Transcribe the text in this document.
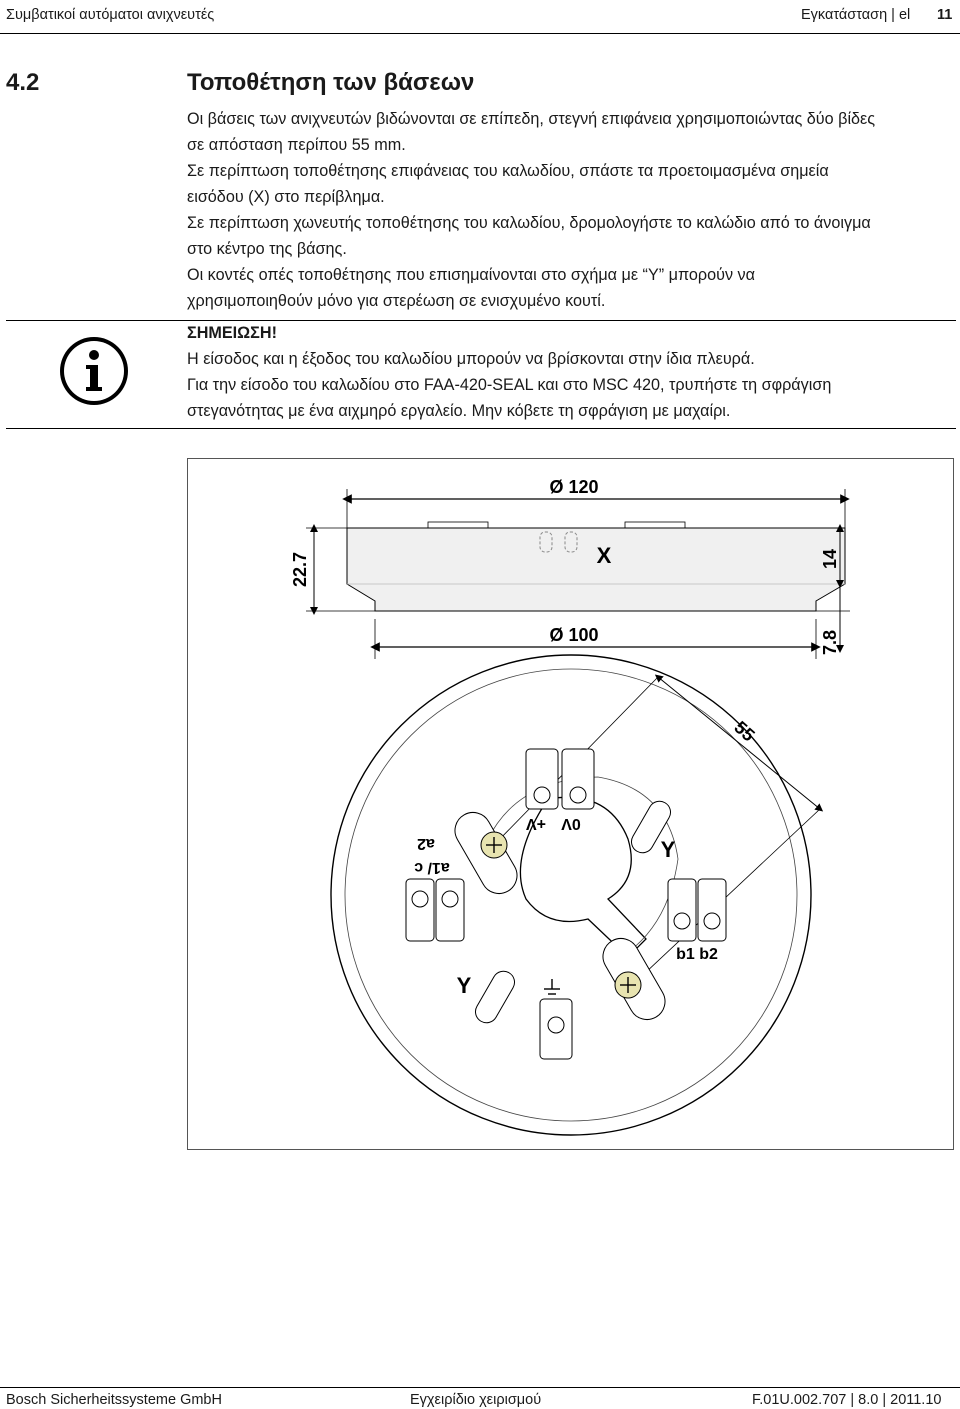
Συμβατικοί αυτόματοι ανιχνευτές	Εγκατάσταση | el 11
4.2	Τοποθέτηση των βάσεων
Οι βάσεις των ανιχνευτών βιδώνονται σε επίπεδη, στεγνή επιφάνεια χρησιμοποιώντας δύο βίδες
σε απόσταση περίπου 55 mm.
Σε περίπτωση τοποθέτησης επιφάνειας του καλωδίου, σπάστε τα προετοιμασμένα σημεία
εισόδου (X) στο περίβλημα.
Σε περίπτωση χωνευτής τοποθέτησης του καλωδίου, δρομολογήστε το καλώδιο από το άνοιγμα
στο κέντρο της βάσης.
Οι κοντές οπές τοποθέτησης που επισημαίνονται στο σχήμα με “Y” μπορούν να
χρησιμοποιηθούν μόνο για στερέωση σε ενισχυμένο κουτί.
ΣΗΜΕΙΩΣΗ!
Η είσοδος και η έξοδος του καλωδίου μπορούν να βρίσκονται στην ίδια πλευρά.
Για την είσοδο του καλωδίου στο FAA-420-SEAL και στο MSC 420, τρυπήστε τη σφράγιση
στεγανότητας με ένα αιχμηρό εργαλείο. Μην κόβετε τη σφράγιση με μαχαίρι.
Ø 120
X
22.7	14
7.8
Ø 100
55
Y
Y
+V 0V
a1/ c
a2
b1 b2
Bosch Sicherheitssysteme GmbH	Εγχειρίδιο χειρισμού	F.01U.002.707 | 8.0 | 2011.10
